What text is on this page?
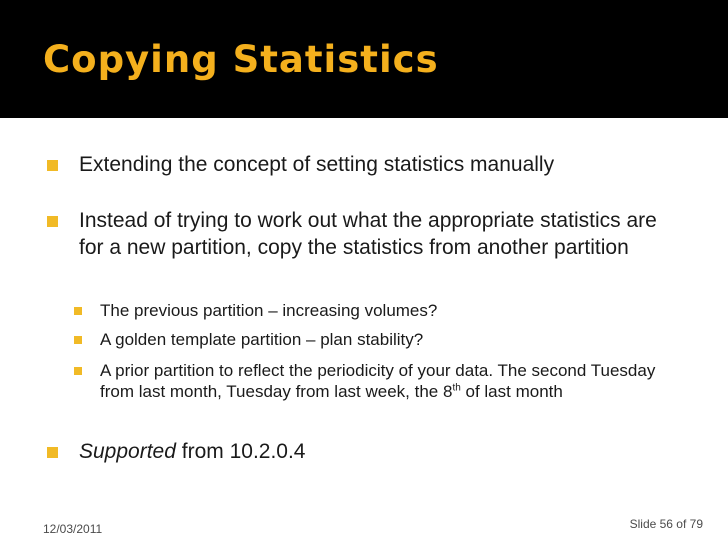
Copying Statistics
Extending the concept of setting statistics manually
Instead of trying to work out what the appropriate statistics are for a new partition, copy the statistics from another partition
The previous partition – increasing volumes?
A golden template partition – plan stability?
A prior partition to reflect the periodicity of your data. The second Tuesday from last month, Tuesday from last week, the 8th of last month
Supported from 10.2.0.4
12/03/2011	Slide 56 of 79
